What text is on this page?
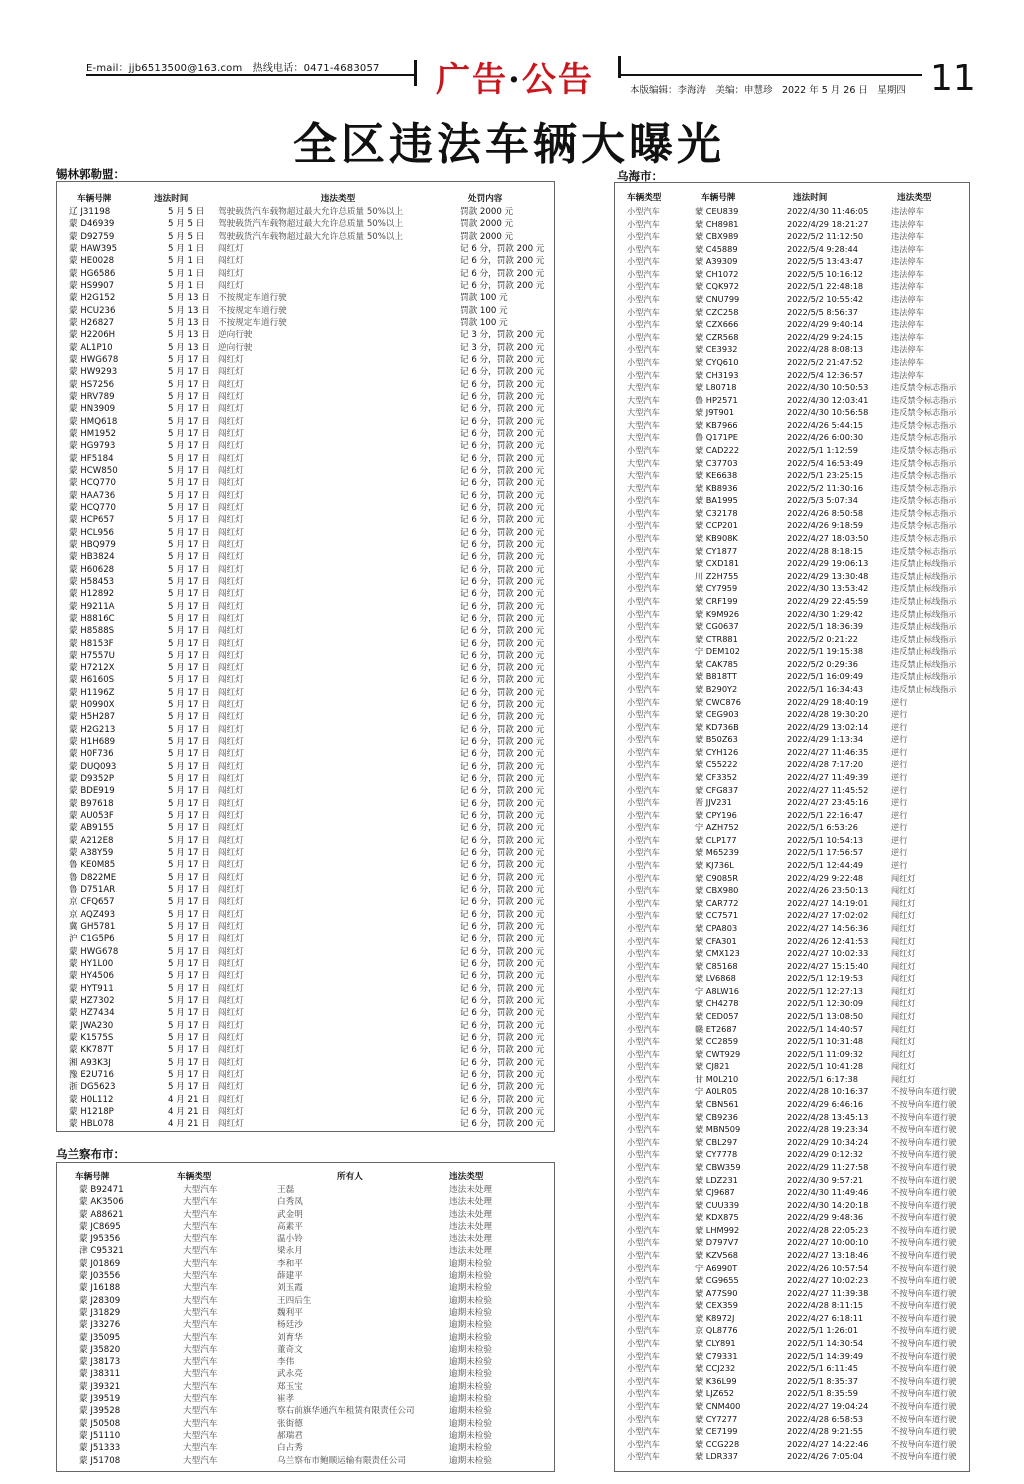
E-mail：jjb6513500@163.com　热线电话：0471-4683057 广告·公告	本版编辑：李海涛　美编：申慧珍　2022 年 5 月 26 日　星期四 11
全区违法车辆大曝光
锡林郭勒盟：
车辆号牌	违法时间	违法类型	处罚内容
辽 J31198	5 月 5 日	驾驶载货汽车载物超过最大允许总质量 50%以上	罚款 2000 元
蒙 D46939	5 月 5 日	驾驶载货汽车载物超过最大允许总质量 50%以上	罚款 2000 元
蒙 D92759	5 月 5 日	驾驶载货汽车载物超过最大允许总质量 50%以上	罚款 2000 元
蒙 HAW395	5 月 1 日	闯红灯	记 6 分，罚款 200 元
蒙 HE0028	5 月 1 日	闯红灯	记 6 分，罚款 200 元
蒙 HG6586	5 月 1 日	闯红灯	记 6 分，罚款 200 元
蒙 HS9907	5 月 1 日	闯红灯	记 6 分，罚款 200 元
蒙 H2G152	5 月 13 日	不按规定车道行驶	罚款 100 元
蒙 HCU236	5 月 13 日	不按规定车道行驶	罚款 100 元
蒙 H26827	5 月 13 日	不按规定车道行驶	罚款 100 元
蒙 H2206H	5 月 13 日	逆向行驶	记 3 分，罚款 200 元
蒙 AL1P10	5 月 13 日	逆向行驶	记 3 分，罚款 200 元
蒙 HWG678	5 月 17 日	闯红灯	记 6 分，罚款 200 元
蒙 HW9293	5 月 17 日	闯红灯	记 6 分，罚款 200 元
蒙 HS7256	5 月 17 日	闯红灯	记 6 分，罚款 200 元
蒙 HRV789	5 月 17 日	闯红灯	记 6 分，罚款 200 元
蒙 HN3909	5 月 17 日	闯红灯	记 6 分，罚款 200 元
蒙 HMQ618	5 月 17 日	闯红灯	记 6 分，罚款 200 元
蒙 HM1952	5 月 17 日	闯红灯	记 6 分，罚款 200 元
蒙 HG9793	5 月 17 日	闯红灯	记 6 分，罚款 200 元
蒙 HF5184	5 月 17 日	闯红灯	记 6 分，罚款 200 元
蒙 HCW850	5 月 17 日	闯红灯	记 6 分，罚款 200 元
蒙 HCQ770	5 月 17 日	闯红灯	记 6 分，罚款 200 元
蒙 HAA736	5 月 17 日	闯红灯	记 6 分，罚款 200 元
蒙 HCQ770	5 月 17 日	闯红灯	记 6 分，罚款 200 元
蒙 HCP657	5 月 17 日	闯红灯	记 6 分，罚款 200 元
蒙 HCL956	5 月 17 日	闯红灯	记 6 分，罚款 200 元
蒙 HBQ979	5 月 17 日	闯红灯	记 6 分，罚款 200 元
蒙 HB3824	5 月 17 日	闯红灯	记 6 分，罚款 200 元
蒙 H60628	5 月 17 日	闯红灯	记 6 分，罚款 200 元
蒙 H58453	5 月 17 日	闯红灯	记 6 分，罚款 200 元
蒙 H12892	5 月 17 日	闯红灯	记 6 分，罚款 200 元
蒙 H9211A	5 月 17 日	闯红灯	记 6 分，罚款 200 元
蒙 H8816C	5 月 17 日	闯红灯	记 6 分，罚款 200 元
蒙 H8588S	5 月 17 日	闯红灯	记 6 分，罚款 200 元
蒙 H8153F	5 月 17 日	闯红灯	记 6 分，罚款 200 元
蒙 H7557U	5 月 17 日	闯红灯	记 6 分，罚款 200 元
蒙 H7212X	5 月 17 日	闯红灯	记 6 分，罚款 200 元
蒙 H6160S	5 月 17 日	闯红灯	记 6 分，罚款 200 元
蒙 H1196Z	5 月 17 日	闯红灯	记 6 分，罚款 200 元
蒙 H0990X	5 月 17 日	闯红灯	记 6 分，罚款 200 元
蒙 H5H287	5 月 17 日	闯红灯	记 6 分，罚款 200 元
蒙 H2G213	5 月 17 日	闯红灯	记 6 分，罚款 200 元
蒙 H1H689	5 月 17 日	闯红灯	记 6 分，罚款 200 元
蒙 H0F736	5 月 17 日	闯红灯	记 6 分，罚款 200 元
蒙 DUQ093	5 月 17 日	闯红灯	记 6 分，罚款 200 元
蒙 D9352P	5 月 17 日	闯红灯	记 6 分，罚款 200 元
蒙 BDE919	5 月 17 日	闯红灯	记 6 分，罚款 200 元
蒙 B97618	5 月 17 日	闯红灯	记 6 分，罚款 200 元
蒙 AU053F	5 月 17 日	闯红灯	记 6 分，罚款 200 元
蒙 AB9155	5 月 17 日	闯红灯	记 6 分，罚款 200 元
蒙 A212E8	5 月 17 日	闯红灯	记 6 分，罚款 200 元
蒙 A38Y59	5 月 17 日	闯红灯	记 6 分，罚款 200 元
鲁 KE0M85	5 月 17 日	闯红灯	记 6 分，罚款 200 元
鲁 D822ME	5 月 17 日	闯红灯	记 6 分，罚款 200 元
鲁 D751AR	5 月 17 日	闯红灯	记 6 分，罚款 200 元
京 CFQ657	5 月 17 日	闯红灯	记 6 分，罚款 200 元
京 AQZ493	5 月 17 日	闯红灯	记 6 分，罚款 200 元
冀 GH5781	5 月 17 日	闯红灯	记 6 分，罚款 200 元
沪 C1G5P6	5 月 17 日	闯红灯	记 6 分，罚款 200 元
蒙 HWG678	5 月 17 日	闯红灯	记 6 分，罚款 200 元
蒙 HY1L00	5 月 17 日	闯红灯	记 6 分，罚款 200 元
蒙 HY4506	5 月 17 日	闯红灯	记 6 分，罚款 200 元
蒙 HYT911	5 月 17 日	闯红灯	记 6 分，罚款 200 元
蒙 HZ7302	5 月 17 日	闯红灯	记 6 分，罚款 200 元
蒙 HZ7434	5 月 17 日	闯红灯	记 6 分，罚款 200 元
蒙 JWA230	5 月 17 日	闯红灯	记 6 分，罚款 200 元
蒙 K1575S	5 月 17 日	闯红灯	记 6 分，罚款 200 元
蒙 KK787T	5 月 17 日	闯红灯	记 6 分，罚款 200 元
湘 A93K3J	5 月 17 日	闯红灯	记 6 分，罚款 200 元
豫 E2U716	5 月 17 日	闯红灯	记 6 分，罚款 200 元
浙 DG5623	5 月 17 日	闯红灯	记 6 分，罚款 200 元
蒙 H0L112	4 月 21 日	闯红灯	记 6 分，罚款 200 元
蒙 H1218P	4 月 21 日	闯红灯	记 6 分，罚款 200 元
蒙 HBL078	4 月 21 日	闯红灯	记 6 分，罚款 200 元
乌兰察布市：
车辆号牌	车辆类型	所有人	违法类型
蒙 B92471	大型汽车	王磊	违法未处理
蒙 AK3506	大型汽车	白秀凤	违法未处理
蒙 A88621	大型汽车	武金明	违法未处理
蒙 JC8695	大型汽车	高素平	违法未处理
蒙 J95356	大型汽车	温小铃	违法未处理
津 C95321	大型汽车	梁永月	违法未处理
蒙 J01869	大型汽车	李和平	逾期未检验
蒙 J03556	大型汽车	薛建平	逾期未检验
蒙 J16188	大型汽车	刘玉霞	逾期未检验
蒙 J28309	大型汽车	王四后生	逾期未检验
蒙 J31829	大型汽车	魏利平	逾期未检验
蒙 J33276	大型汽车	杨廷沙	逾期未检验
蒙 J35095	大型汽车	刘育华	逾期未检验
蒙 J35820	大型汽车	董奇文	逾期未检验
蒙 J38173	大型汽车	李伟	逾期未检验
蒙 J38311	大型汽车	武永亮	逾期未检验
蒙 J39321	大型汽车	郑玉宝	逾期未检验
蒙 J39519	大型汽车	崔孝	逾期未检验
蒙 J39528	大型汽车	察右前旗华通汽车租赁有限责任公司	逾期未检验
蒙 J50508	大型汽车	张街德	逾期未检验
蒙 J51110	大型汽车	郝瑞君	逾期未检验
蒙 J51333	大型汽车	白占秀	逾期未检验
蒙 J51708	大型汽车	乌兰察布市鲍顺运输有限责任公司	逾期未检验
乌海市：
车辆类型	车辆号牌	违法时间	违法类型
小型汽车	蒙 CEU839	2022/4/30 11:46:05	违法停车
小型汽车	蒙 CH8981	2022/4/29 18:21:27	违法停车
小型汽车	蒙 CBX989	2022/5/2 11:12:50	违法停车
小型汽车	蒙 C45889	2022/5/4 9:28:44	违法停车
小型汽车	蒙 A39309	2022/5/5 13:43:47	违法停车
小型汽车	蒙 CH1072	2022/5/5 10:16:12	违法停车
小型汽车	蒙 CQK972	2022/5/1 22:48:18	违法停车
小型汽车	蒙 CNU799	2022/5/2 10:55:42	违法停车
小型汽车	蒙 CZC258	2022/5/5 8:56:37	违法停车
小型汽车	蒙 CZX666	2022/4/29 9:40:14	违法停车
小型汽车	蒙 CZR568	2022/4/29 9:24:15	违法停车
小型汽车	蒙 CE3932	2022/4/28 8:08:13	违法停车
小型汽车	蒙 CYQ610	2022/5/2 21:47:52	违法停车
小型汽车	蒙 CH3193	2022/5/4 12:36:57	违法停车
大型汽车	蒙 L80718	2022/4/30 10:50:53	违反禁令标志指示
大型汽车	鲁 HP2571	2022/4/30 12:03:41	违反禁令标志指示
大型汽车	蒙 J9T901	2022/4/30 10:56:58	违反禁令标志指示
大型汽车	蒙 KB7966	2022/4/26 5:44:15	违反禁令标志指示
大型汽车	鲁 Q171PE	2022/4/26 6:00:30	违反禁令标志指示
小型汽车	蒙 CAD222	2022/5/1 1:12:59	违反禁令标志指示
大型汽车	蒙 C37703	2022/5/4 16:53:49	违反禁令标志指示
大型汽车	蒙 KE6638	2022/5/1 23:25:15	违反禁令标志指示
大型汽车	蒙 KB8936	2022/5/2 11:30:16	违反禁令标志指示
小型汽车	蒙 BA1995	2022/5/3 5:07:34	违反禁令标志指示
小型汽车	蒙 C32178	2022/4/26 8:50:58	违反禁令标志指示
小型汽车	蒙 CCP201	2022/4/26 9:18:59	违反禁令标志指示
小型汽车	蒙 KB908K	2022/4/27 18:03:50	违反禁令标志指示
小型汽车	蒙 CY1877	2022/4/28 8:18:15	违反禁令标志指示
小型汽车	蒙 CXD181	2022/4/29 19:06:13	违反禁止标线指示
小型汽车	川 Z2H755	2022/4/29 13:30:48	违反禁止标线指示
小型汽车	蒙 CY7959	2022/4/30 13:53:42	违反禁止标线指示
小型汽车	蒙 CRF199	2022/4/29 22:45:59	违反禁止标线指示
小型汽车	蒙 K9M926	2022/4/30 1:29:42	违反禁止标线指示
小型汽车	蒙 CG0637	2022/5/1 18:36:39	违反禁止标线指示
小型汽车	蒙 CTR881	2022/5/2 0:21:22	违反禁止标线指示
小型汽车	宁 DEM102	2022/5/1 19:15:38	违反禁止标线指示
小型汽车	蒙 CAK785	2022/5/2 0:29:36	违反禁止标线指示
小型汽车	蒙 B818TT	2022/5/1 16:09:49	违反禁止标线指示
小型汽车	蒙 B290Y2	2022/5/1 16:34:43	违反禁止标线指示
小型汽车	蒙 CWC876	2022/4/29 18:40:19	逆行
小型汽车	蒙 CEG903	2022/4/28 19:30:20	逆行
小型汽车	蒙 KD736B	2022/4/29 13:02:14	逆行
小型汽车	蒙 B50Z63	2022/4/29 1:13:34	逆行
小型汽车	蒙 CYH126	2022/4/27 11:46:35	逆行
小型汽车	蒙 C55222	2022/4/28 7:17:20	逆行
小型汽车	蒙 CF3352	2022/4/27 11:49:39	逆行
小型汽车	蒙 CFG837	2022/4/27 11:45:52	逆行
小型汽车	晋 JJV231	2022/4/27 23:45:16	逆行
小型汽车	蒙 CPY196	2022/5/1 22:16:47	逆行
小型汽车	宁 AZH752	2022/5/1 6:53:26	逆行
小型汽车	蒙 CLP177	2022/5/1 10:54:13	逆行
小型汽车	蒙 M65239	2022/5/1 17:56:57	逆行
小型汽车	蒙 KJ736L	2022/5/1 12:44:49	逆行
小型汽车	蒙 C9085R	2022/4/29 9:22:48	闯红灯
小型汽车	蒙 CBX980	2022/4/26 23:50:13	闯红灯
小型汽车	蒙 CAR772	2022/4/27 14:19:01	闯红灯
小型汽车	蒙 CC7571	2022/4/27 17:02:02	闯红灯
小型汽车	蒙 CPA803	2022/4/27 14:56:36	闯红灯
小型汽车	蒙 CFA301	2022/4/26 12:41:53	闯红灯
小型汽车	蒙 CMX123	2022/4/27 10:02:33	闯红灯
小型汽车	蒙 C85168	2022/4/27 15:15:40	闯红灯
小型汽车	蒙 LV6868	2022/5/1 12:19:53	闯红灯
小型汽车	宁 A8LW16	2022/5/1 12:27:13	闯红灯
小型汽车	蒙 CH4278	2022/5/1 12:30:09	闯红灯
小型汽车	蒙 CED057	2022/5/1 13:08:50	闯红灯
小型汽车	赣 ET2687	2022/5/1 14:40:57	闯红灯
小型汽车	蒙 CC2859	2022/5/1 10:31:48	闯红灯
小型汽车	蒙 CWT929	2022/5/1 11:09:32	闯红灯
小型汽车	蒙 CJ821	2022/5/1 10:41:28	闯红灯
小型汽车	甘 M0L210	2022/5/1 6:17:38	闯红灯
小型汽车	宁 A0LR05	2022/4/28 10:16:37	不按导向车道行驶
小型汽车	蒙 CBN561	2022/4/29 6:46:16	不按导向车道行驶
小型汽车	蒙 CB9236	2022/4/28 13:45:13	不按导向车道行驶
小型汽车	蒙 MBN509	2022/4/28 19:23:34	不按导向车道行驶
小型汽车	蒙 CBL297	2022/4/29 10:34:24	不按导向车道行驶
小型汽车	蒙 CY7778	2022/4/29 0:12:32	不按导向车道行驶
小型汽车	蒙 CBW359	2022/4/29 11:27:58	不按导向车道行驶
小型汽车	蒙 LDZ231	2022/4/30 9:57:21	不按导向车道行驶
小型汽车	蒙 CJ9687	2022/4/30 11:49:46	不按导向车道行驶
小型汽车	蒙 CUU339	2022/4/30 14:20:18	不按导向车道行驶
小型汽车	蒙 KDX875	2022/4/29 9:48:36	不按导向车道行驶
小型汽车	蒙 LHM992	2022/4/28 22:05:23	不按导向车道行驶
小型汽车	蒙 D797V7	2022/4/27 10:00:10	不按导向车道行驶
小型汽车	蒙 KZV568	2022/4/27 13:18:46	不按导向车道行驶
小型汽车	宁 A6990T	2022/4/26 10:57:54	不按导向车道行驶
小型汽车	蒙 CG9655	2022/4/27 10:02:23	不按导向车道行驶
小型汽车	蒙 A77S90	2022/4/27 11:39:38	不按导向车道行驶
小型汽车	蒙 CEX359	2022/4/28 8:11:15	不按导向车道行驶
小型汽车	蒙 K8972J	2022/4/27 6:18:11	不按导向车道行驶
小型汽车	京 QL8776	2022/5/1 1:26:01	不按导向车道行驶
小型汽车	蒙 CLY891	2022/5/1 14:30:54	不按导向车道行驶
小型汽车	蒙 C79331	2022/5/1 14:39:49	不按导向车道行驶
小型汽车	蒙 CCJ232	2022/5/1 6:11:45	不按导向车道行驶
小型汽车	蒙 K36L99	2022/5/1 8:35:37	不按导向车道行驶
小型汽车	蒙 LJZ652	2022/5/1 8:35:59	不按导向车道行驶
小型汽车	蒙 CNM400	2022/4/27 19:04:24	不按导向车道行驶
小型汽车	蒙 CY7277	2022/4/28 6:58:53	不按导向车道行驶
小型汽车	蒙 CE7199	2022/4/28 9:21:55	不按导向车道行驶
小型汽车	蒙 CCG228	2022/4/27 14:22:46	不按导向车道行驶
小型汽车	蒙 LDR337	2022/4/26 7:05:04	不按导向车道行驶
